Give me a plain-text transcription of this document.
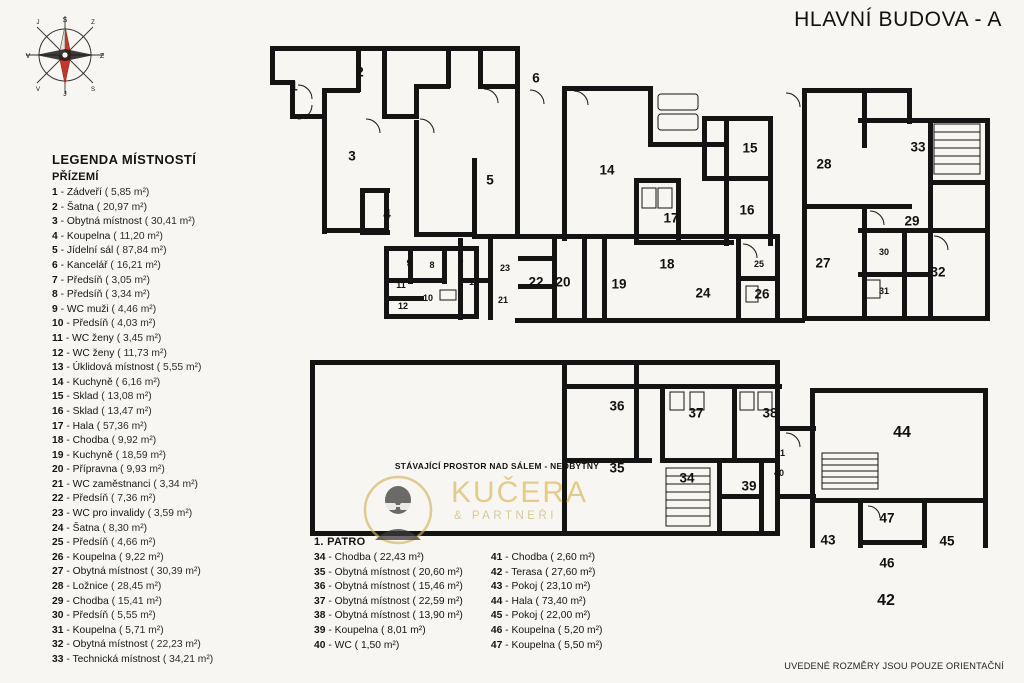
HLAVNÍ BUDOVA - A
S
J
Z
V
J	Z
V	S
LEGENDA MÍSTNOSTÍ
PŘÍZEMÍ
1 - Zádveří ( 5,85 m²)
2 - Šatna ( 20,97 m²)
3 - Obytná místnost ( 30,41 m²)
4 - Koupelna ( 11,20 m²)
5 - Jídelní sál ( 87,84 m²)
6 - Kancelář ( 16,21 m²)
7 - Předsíň ( 3,05 m²)
8 - Předsíň ( 3,34 m²)
9 - WC muži ( 4,46 m²)
10 - Předsíň ( 4,03 m²)
11 - WC ženy ( 3,45 m²)
12 - WC ženy ( 11,73 m²)
13 - Úklidová místnost ( 5,55 m²)
14 - Kuchyně ( 6,16 m²)
15 - Sklad ( 13,08 m²)
16 - Sklad ( 13,47 m²)
17 - Hala ( 57,36 m²)
18 - Chodba ( 9,92 m²)
19 - Kuchyně ( 18,59 m²)
20 - Přípravna ( 9,93 m²)
21 - WC zaměstnanci ( 3,34 m²)
22 - Předsíň ( 7,36 m²)
23 - WC pro invalidy ( 3,59 m²)
24 - Šatna ( 8,30 m²)
25 - Předsíň ( 4,66 m²)
26 - Koupelna ( 9,22 m²)
27 - Obytná místnost ( 30,39 m²)
28 - Ložnice ( 28,45 m²)
29 - Chodba ( 15,41 m²)
30 - Předsíň ( 5,55 m²)
31 - Koupelna ( 5,71 m²)
32 - Obytná místnost ( 22,23 m²)
33 - Technická místnost ( 34,21 m²)
1. PATRO
34 - Chodba ( 22,43 m²)
35 - Obytná místnost ( 20,60 m²)
36 - Obytná místnost ( 15,46 m²)
37 - Obytná místnost ( 22,59 m²)
38 - Obytná místnost ( 13,90 m²)
39 - Koupelna ( 8,01 m²)
40 - WC ( 1,50 m²)
41 - Chodba ( 2,60 m²)
42 - Terasa ( 27,60 m²)
43 - Pokoj ( 23,10 m²)
44 - Hala ( 73,40 m²)
45 - Pokoj ( 22,00 m²)
46 - Koupelna ( 5,20 m²)
47 - Koupelna ( 5,50 m²)
UVEDENÉ ROZMĚRY JSOU POUZE ORIENTAČNÍ
1
2
3
4
5
6
7
8
9
10
11
12
13
14
15
16
17
18
19
20
21
22
23
24
25
26
27
28
29
30
31
32
33
34
35
36	37	38
39
40
41
42
43
44
45
46
47
STÁVAJÍCÍ PROSTOR NAD SÁLEM - NEOBYTNÝ
KUČERA
& PARTNEŘI
